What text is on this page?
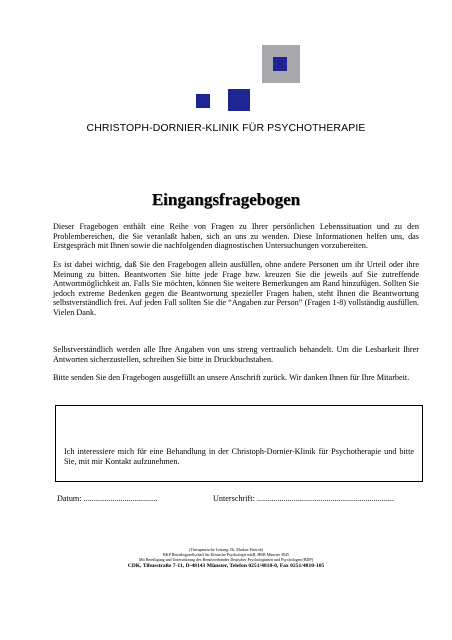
CHRISTOPH-DORNIER-KLINIK FÜR PSYCHOTHERAPIE
Eingangsfragebogen
Dieser Fragebogen enthält eine Reihe von Fragen zu Ihrer persönlichen Lebenssituation und zu den Problembereichen, die Sie veranlaßt haben, sich an uns zu wenden. Diese Informationen helfen uns, das Erstgespräch mit Ihnen sowie die nachfolgenden diagnostischen Untersuchungen vorzubereiten.
Es ist dabei wichtig, daß Sie den Fragebogen allein ausfüllen, ohne andere Personen um ihr Urteil oder ihre Meinung zu bitten. Beantworten Sie bitte jede Frage bzw. kreuzen Sie die jeweils auf Sie zutreffende Antwortmöglichkeit an. Falls Sie möchten, können Sie weitere Bemerkungen am Rand hinzufügen. Sollten Sie jedoch extreme Bedenken gegen die Beantwortung spezieller Fragen haben, steht Ihnen die Beantwortung selbstverständlich frei. Auf jeden Fall sollten Sie die “Angaben zur Person” (Fragen 1-8) vollständig ausfüllen. Vielen Dank.
Selbstverständlich werden alle Ihre Angaben von uns streng vertraulich behandelt. Um die Lesbarkeit Ihrer Antworten sicherzustellen, schreiben Sie bitte in Druckbuchstaben.
Bitte senden Sie den Fragebogen ausgefüllt an unsere Anschrift zurück. Wir danken Ihnen für Ihre Mitarbeit.
Ich interessiere mich für eine Behandlung in der Christoph-Dornier-Klinik für Psychotherapie und bitte Sie, mit mir Kontakt aufzunehmen.
Datum: ....................................	Unterschrift: ...................................................................
(Therapeutische Leitung: Dr. Markus Paterok)
BKP Betriebsgesellschaft für Klinische Psychologie mbH, HRB Münster 3845
Mit Beteiligung und Unterstützung des Berufsverbandes Deutscher Psychologinnen und Psychologen (BDP)
CDK, Tibusstraße 7-11, D-48143 Münster, Telefon 0251/4810-0, Fax 0251/4810-105
